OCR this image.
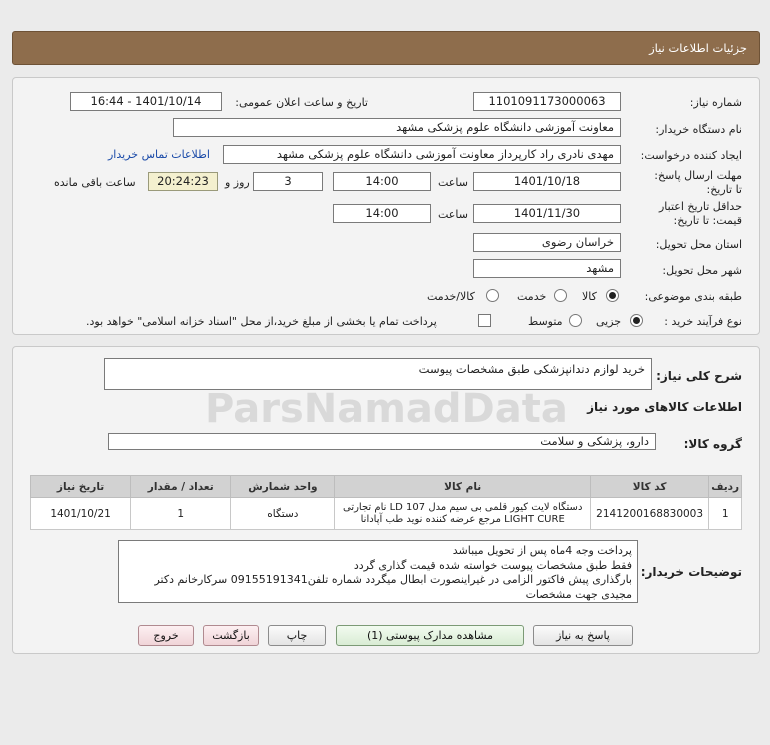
جزئیات اطلاعات نیاز
شماره نیاز:
1101091173000063
تاریخ و ساعت اعلان عمومی:
1401/10/14 - 16:44
نام دستگاه خریدار:
معاونت آموزشی دانشگاه علوم پزشکی مشهد
ایجاد کننده درخواست:
مهدی نادری راد کارپرداز معاونت آموزشی دانشگاه علوم پزشکی مشهد
اطلاعات تماس خریدار
مهلت ارسال پاسخ: تا تاریخ:
1401/10/18
ساعت
14:00
3
روز و
20:24:23
ساعت باقی مانده
حداقل تاریخ اعتبار قیمت: تا تاریخ:
1401/11/30
ساعت
14:00
استان محل تحویل:
خراسان رضوی
شهر محل تحویل:
مشهد
طبقه بندی موضوعی:
کالا
خدمت
کالا/خدمت
نوع فرآیند خرید :
جزیی
متوسط
پرداخت تمام یا بخشی از مبلغ خرید،از محل "اسناد خزانه اسلامی" خواهد بود.
شرح کلی نیاز:
خرید لوازم دندانپزشکی طبق مشخصات پیوست
اطلاعات کالاهای مورد نیاز
گروه کالا:
دارو، پزشکی و سلامت
ردیف	کد کالا	نام کالا	واحد شمارش	تعداد / مقدار	تاریخ نیاز
1	2141200168830003	دستگاه لایت کیور قلمی بی سیم مدل LD 107 نام تجارتی LIGHT CURE مرجع عرضه کننده نوید طب آپادانا	دستگاه	1	1401/10/21
توضیحات خریدار:
پرداخت وجه 4ماه پس از تحویل میباشد
فقط طبق مشخصات پیوست خواسته شده قیمت گذاری گردد
بارگذاری پیش فاکتور الزامی در غیراینصورت ابطال میگردد شماره تلفن09155191341 سرکارخانم دکتر
مجیدی جهت مشخصات
پاسخ به نیاز
مشاهده مدارک پیوستی (1)
چاپ
بازگشت
خروج
ParsNamadData
